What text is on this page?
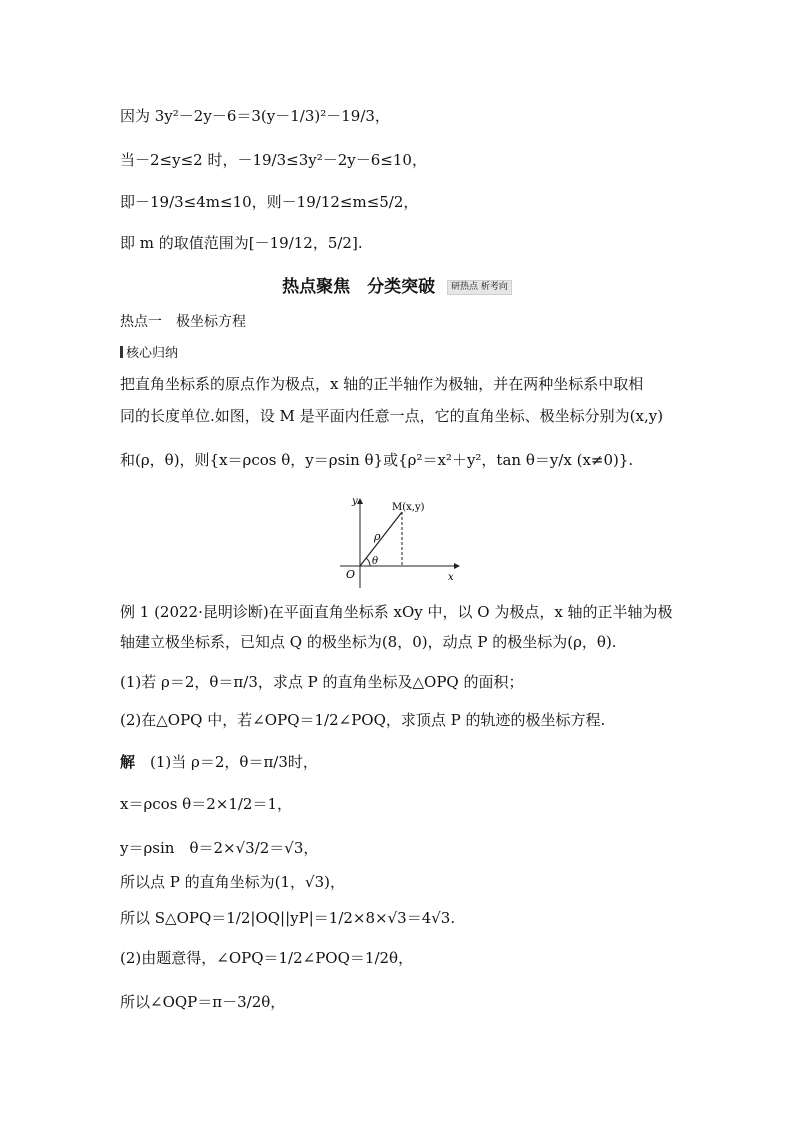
因为 3y²－2y－6＝3(y－1/3)²－19/3，
当－2≤y≤2 时，－19/3≤3y²－2y－6≤10，
即－19/3≤4m≤10，则－19/12≤m≤5/2，
即 m 的取值范围为[－19/12，5/2].
热点聚焦　分类突破 研热点 析考向
热点一　极坐标方程
核心归纳
把直角坐标系的原点作为极点，x 轴的正半轴作为极轴，并在两种坐标系中取相
同的长度单位.如图，设 M 是平面内任意一点，它的直角坐标、极坐标分别为(x,y)
和(ρ，θ)，则{x＝ρcos θ，y＝ρsin θ}或{ρ²＝x²＋y²，tan θ＝y/x (x≠0)}.
M(x,y)
ρ
θ
O	x
y
例 1 (2022·昆明诊断)在平面直角坐标系 xOy 中，以 O 为极点，x 轴的正半轴为极
轴建立极坐标系，已知点 Q 的极坐标为(8，0)，动点 P 的极坐标为(ρ，θ).
(1)若 ρ＝2，θ＝π/3，求点 P 的直角坐标及△OPQ 的面积；
(2)在△OPQ 中，若∠OPQ＝1/2∠POQ，求顶点 P 的轨迹的极坐标方程.
解　 (1)当 ρ＝2，θ＝π/3时，
x＝ρcos θ＝2×1/2＝1，
y＝ρsin　θ＝2×√3/2＝√3，
所以点 P 的直角坐标为(1，√3)，
所以 S△OPQ＝1/2|OQ||yP|＝1/2×8×√3＝4√3.
(2)由题意得，∠OPQ＝1/2∠POQ＝1/2θ，
所以∠OQP＝π－3/2θ，
